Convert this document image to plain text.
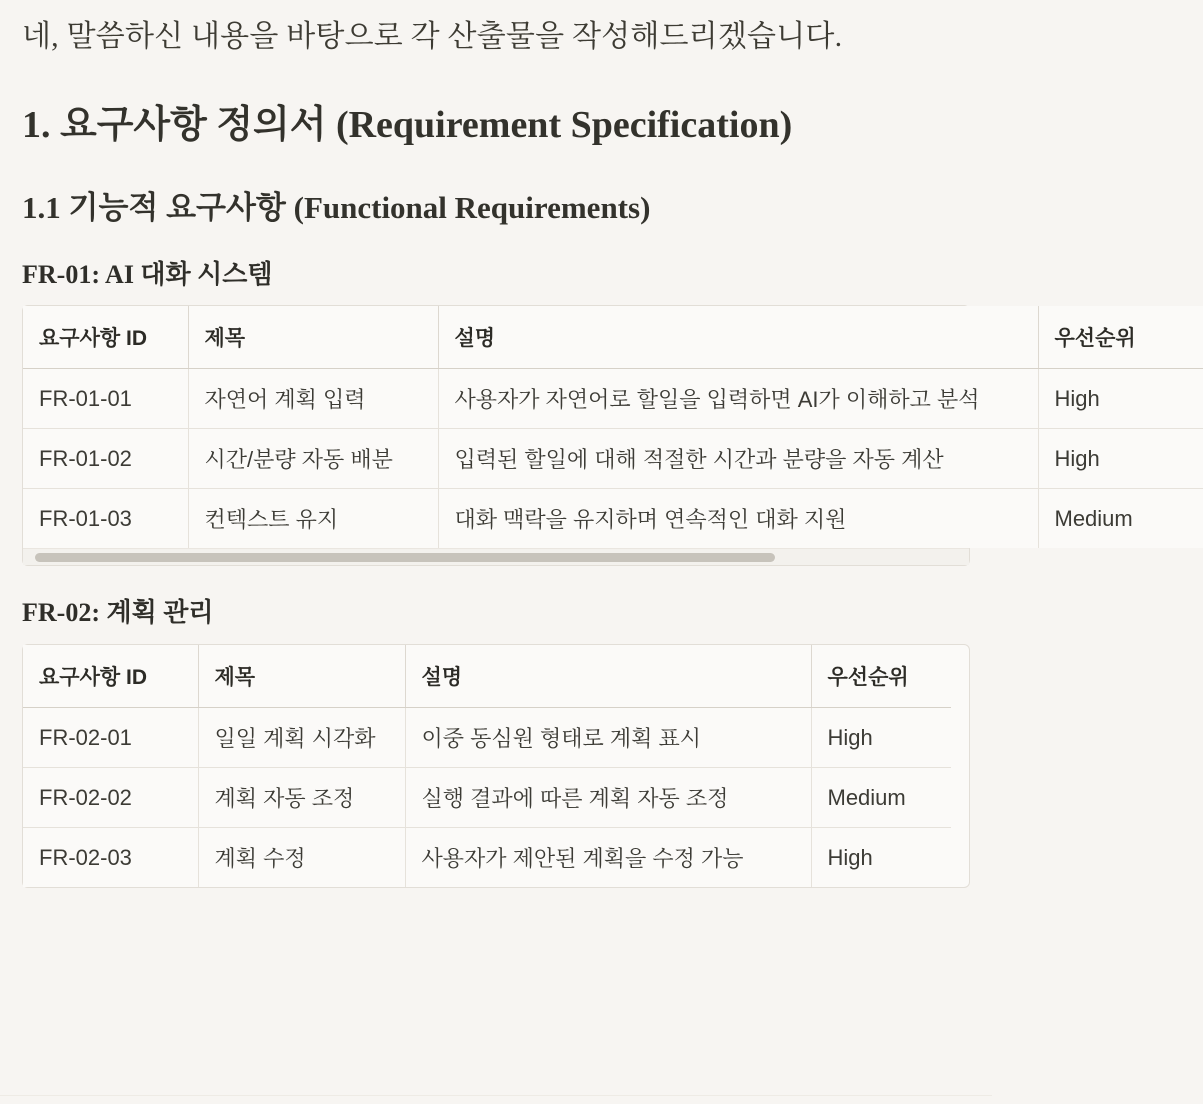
네, 말씀하신 내용을 바탕으로 각 산출물을 작성해드리겠습니다.

1. 요구사항 정의서 (Requirement Specification)
1.1 기능적 요구사항 (Functional Requirements)
FR-01: AI 대화 시스템
요구사항 ID	제목	설명	우선순위
FR-01-01	자연어 계획 입력	사용자가 자연어로 할일을 입력하면 AI가 이해하고 분석	High
FR-01-02	시간/분량 자동 배분	입력된 할일에 대해 적절한 시간과 분량을 자동 계산	High
FR-01-03	컨텍스트 유지	대화 맥락을 유지하며 연속적인 대화 지원	Medium
FR-02: 계획 관리
요구사항 ID	제목	설명	우선순위
FR-02-01	일일 계획 시각화	이중 동심원 형태로 계획 표시	High
FR-02-02	계획 자동 조정	실행 결과에 따른 계획 자동 조정	Medium
FR-02-03	계획 수정	사용자가 제안된 계획을 수정 가능	High
